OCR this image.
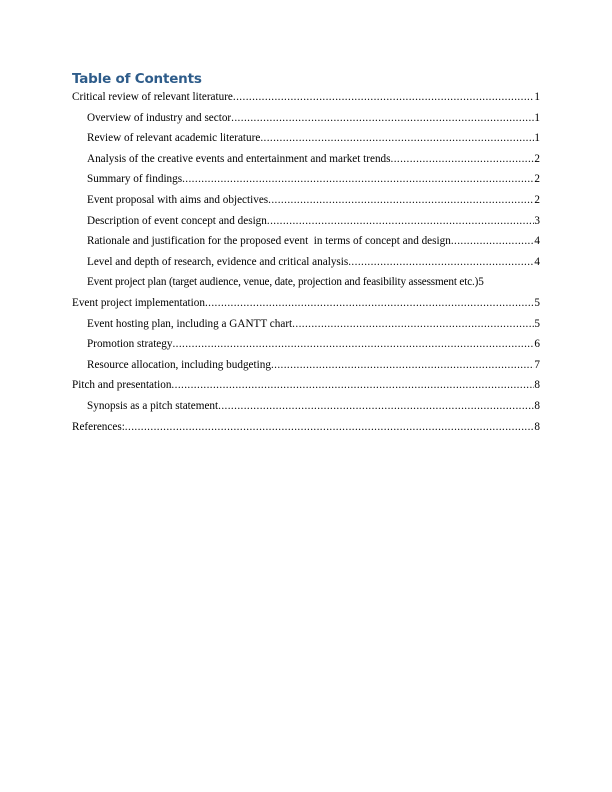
Table of Contents
Critical review of relevant literature .....	1
Overview of industry and sector .....	1
Review of relevant academic literature .....	1
Analysis of the creative events and entertainment and market trends .....	2
Summary of findings .....	2
Event proposal with aims and objectives .....	2
Description of event concept and design .....	3
Rationale and justification for the proposed event  in terms of concept and design .....	4
Level and depth of research, evidence and critical analysis .....	4
Event project plan (target audience, venue, date, projection and feasibility assessment etc.) 5
Event project implementation .....	5
Event hosting plan, including a GANTT chart .....	5
Promotion strategy .....	6
Resource allocation, including budgeting .....	7
Pitch and presentation .....	8
Synopsis as a pitch statement .....	8
References: .....	8
